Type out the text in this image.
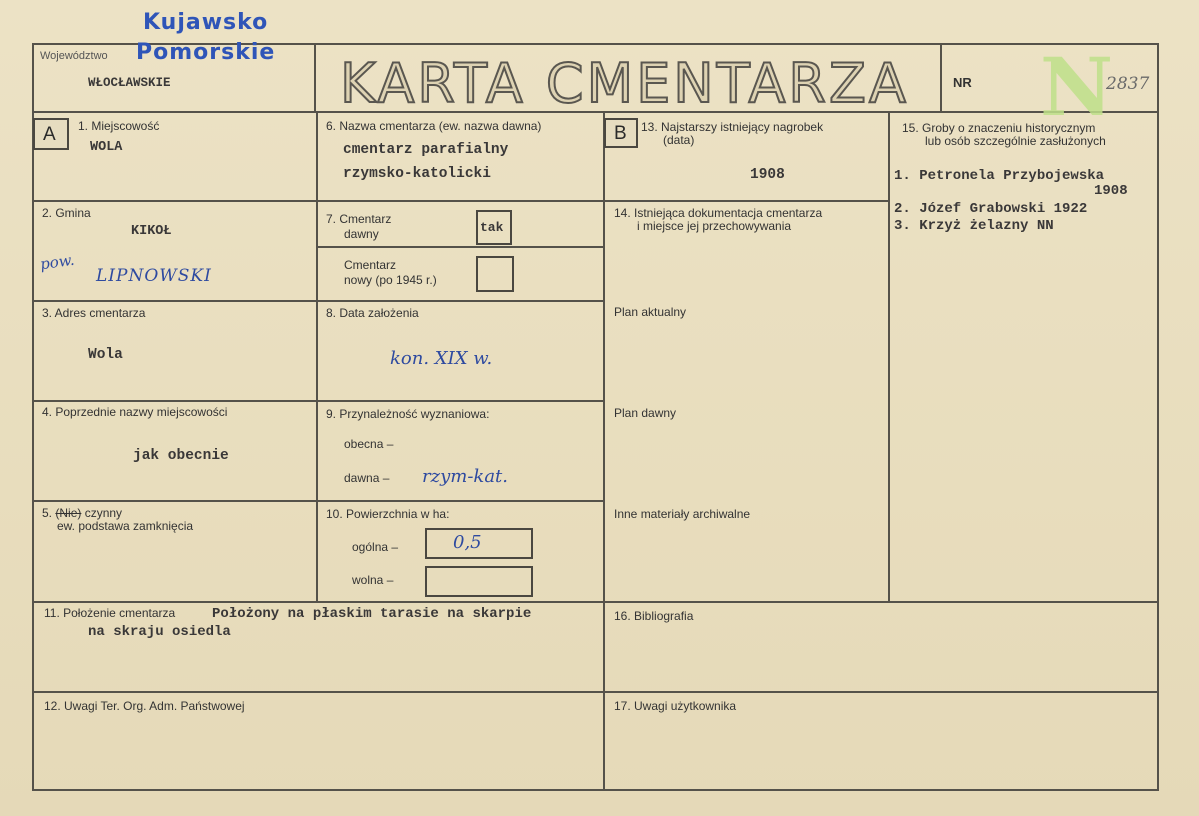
Województwo
Kujawsko
Pomorskie
WŁOCŁAWSKIE	KARTA CMENTARZA N
NR	2837
A 1. Miejscowość
WOLA
2. Gmina
KIKOŁ
pow.
LIPNOWSKI
3. Adres cmentarza
Wola
4. Poprzednie nazwy miejscowości
jak obecnie
5. (Nie) czynny
ew. podstawa zamknięcia
6. Nazwa cmentarza (ew. nazwa dawna)
cmentarz parafialny
rzymsko-katolicki
7. Cmentarz
dawny	tak
Cmentarz
nowy (po 1945 r.)
8. Data założenia
kon. XIX w.
9. Przynależność wyznaniowa:
obecna –
dawna – rzym-kat.
10. Powierzchnia w ha:
ogólna –	0,5
wolna –
B 13. Najstarszy istniejący nagrobek
(data)
1908
14. Istniejąca dokumentacja cmentarza
i miejsce jej przechowywania
Plan aktualny
Plan dawny
Inne materiały archiwalne
15. Groby o znaczeniu historycznym
lub osób szczególnie zasłużonych
1. Petronela Przybojewska
1908
2. Józef Grabowski 1922
3. Krzyż żelazny NN
11. Położenie cmentarza	Położony na płaskim tarasie na skarpie
na skraju osiedla
16. Bibliografia
12. Uwagi Ter. Org. Adm. Państwowej	17. Uwagi użytkownika
